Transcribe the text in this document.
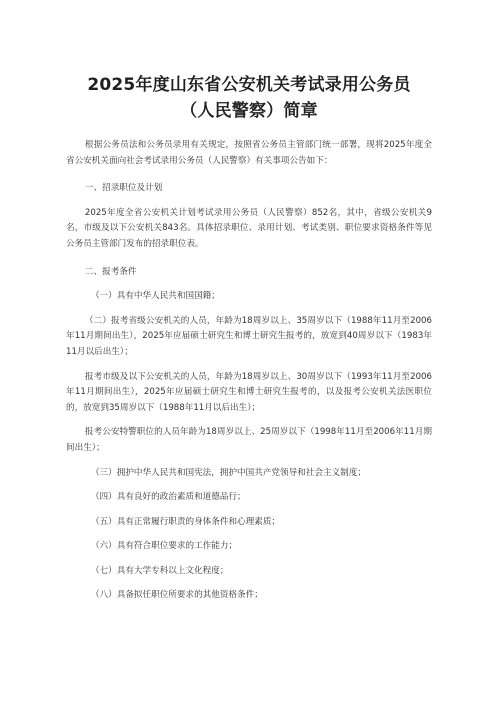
2025年度山东省公安机关考试录用公务员
（人民警察）简章

根据公务员法和公务员录用有关规定，按照省公务员主管部门统一部署，现将2025年度全省公安机关面向社会考试录用公务员（人民警察）有关事项公告如下：

一、招录职位及计划

2025年度全省公安机关计划考试录用公务员（人民警察）852名，其中，省级公安机关9名，市级及以下公安机关843名。具体招录职位、录用计划、考试类别、职位要求资格条件等见公务员主管部门发布的招录职位表。

二、报考条件

（一）具有中华人民共和国国籍；

（二）报考省级公安机关的人员，年龄为18周岁以上、35周岁以下（1988年11月至2006年11月期间出生），2025年应届硕士研究生和博士研究生报考的，放宽到40周岁以下（1983年11月以后出生）；

报考市级及以下公安机关的人员，年龄为18周岁以上、30周岁以下（1993年11月至2006年11月期间出生），2025年应届硕士研究生和博士研究生报考的，以及报考公安机关法医职位的，放宽到35周岁以下（1988年11月以后出生）；

报考公安特警职位的人员年龄为18周岁以上、25周岁以下（1998年11月至2006年11月期间出生）；

（三）拥护中华人民共和国宪法，拥护中国共产党领导和社会主义制度；

（四）具有良好的政治素质和道德品行；

（五）具有正常履行职责的身体条件和心理素质；

（六）具有符合职位要求的工作能力；

（七）具有大学专科以上文化程度；

（八）具备拟任职位所要求的其他资格条件；
